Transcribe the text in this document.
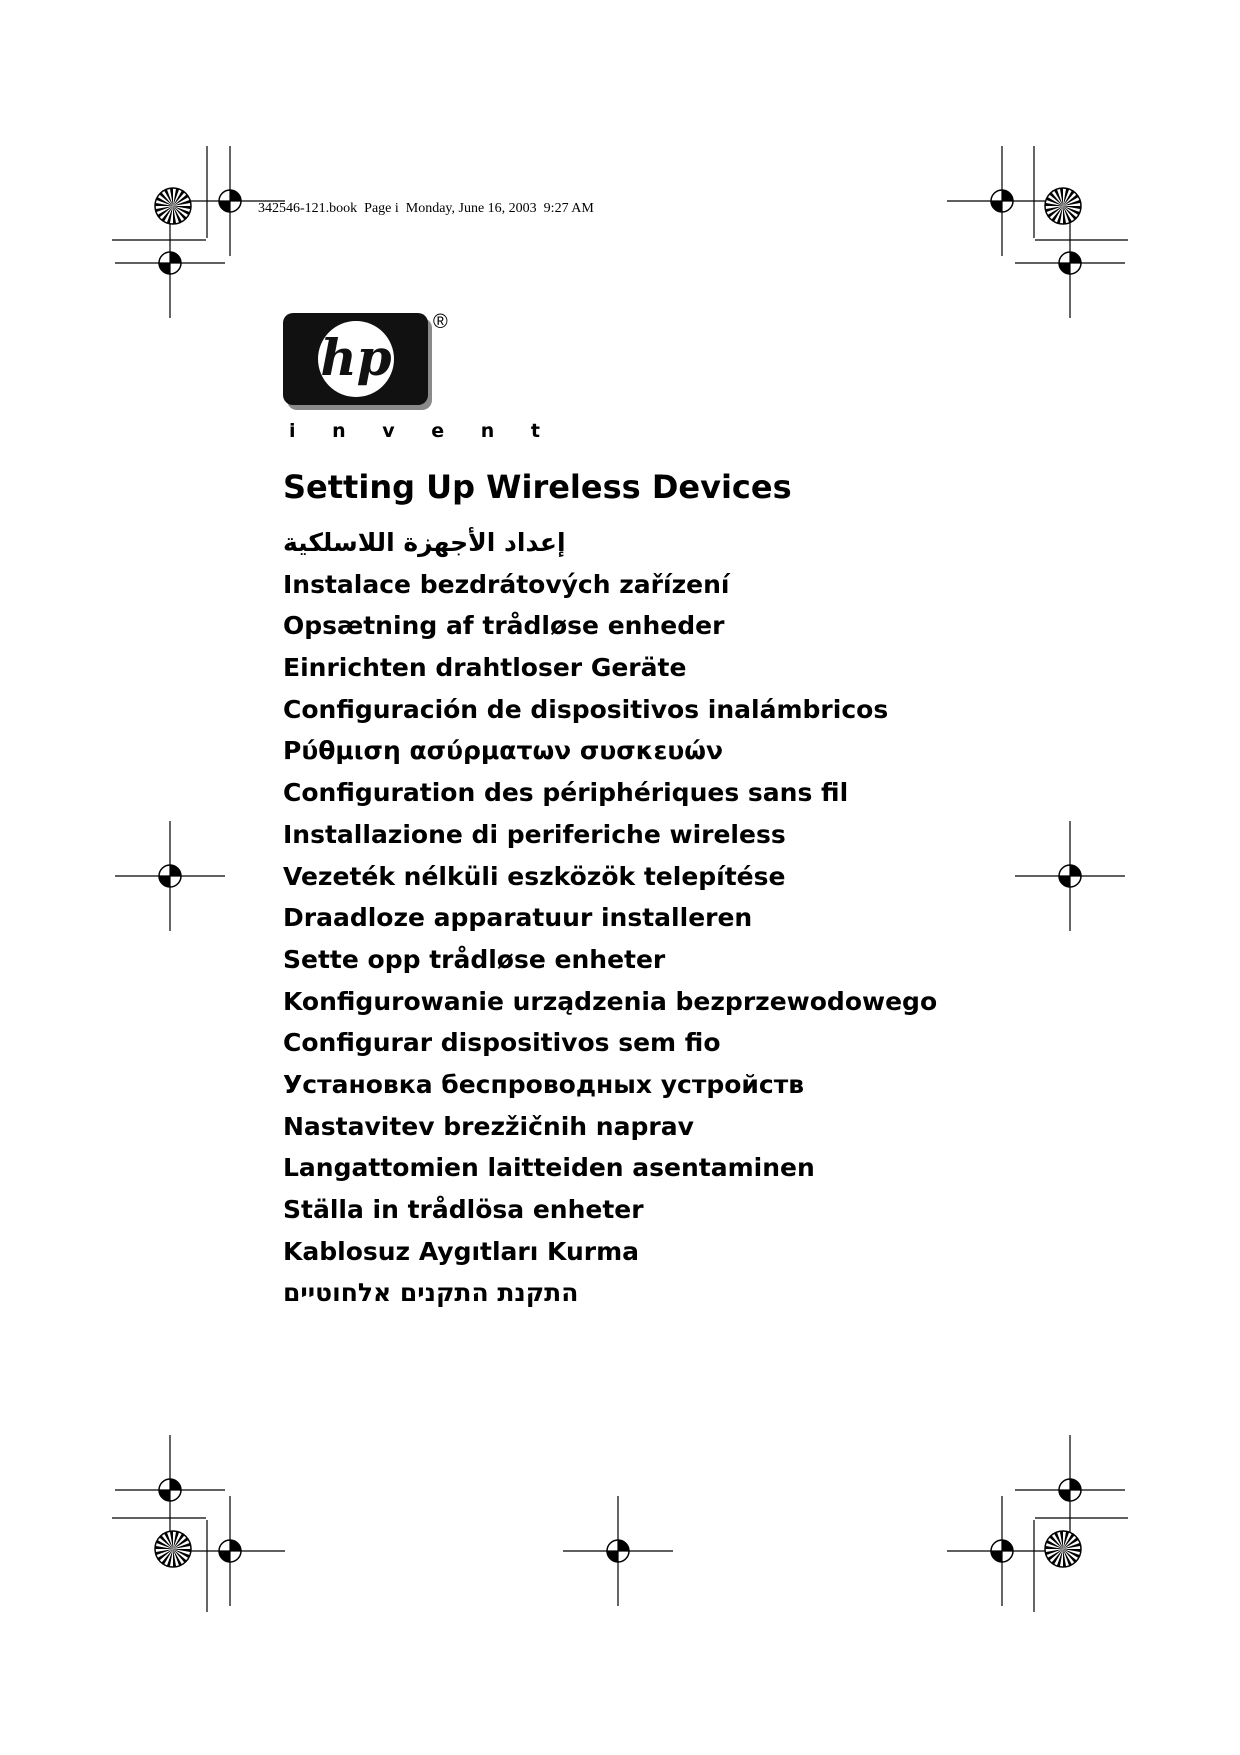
342546-121.book  Page i  Monday, June 16, 2003  9:27 AM
hp
®
i n v e n t
Setting Up Wireless Devices
إعداد الأجهزة اللاسلكية
Instalace bezdrátových zařízení
Opsætning af trådløse enheder
Einrichten drahtloser Geräte
Configuración de dispositivos inalámbricos
Ρύθμιση ασύρματων συσκευών
Configuration des périphériques sans fil
Installazione di periferiche wireless
Vezeték nélküli eszközök telepítése
Draadloze apparatuur installeren
Sette opp trådløse enheter
Konfigurowanie urządzenia bezprzewodowego
Configurar dispositivos sem fio
Установка беспроводных устройств
Nastavitev brezžičnih naprav
Langattomien laitteiden asentaminen
Ställa in trådlösa enheter
Kablosuz Aygıtları Kurma
התקנת התקנים אלחוטיים
